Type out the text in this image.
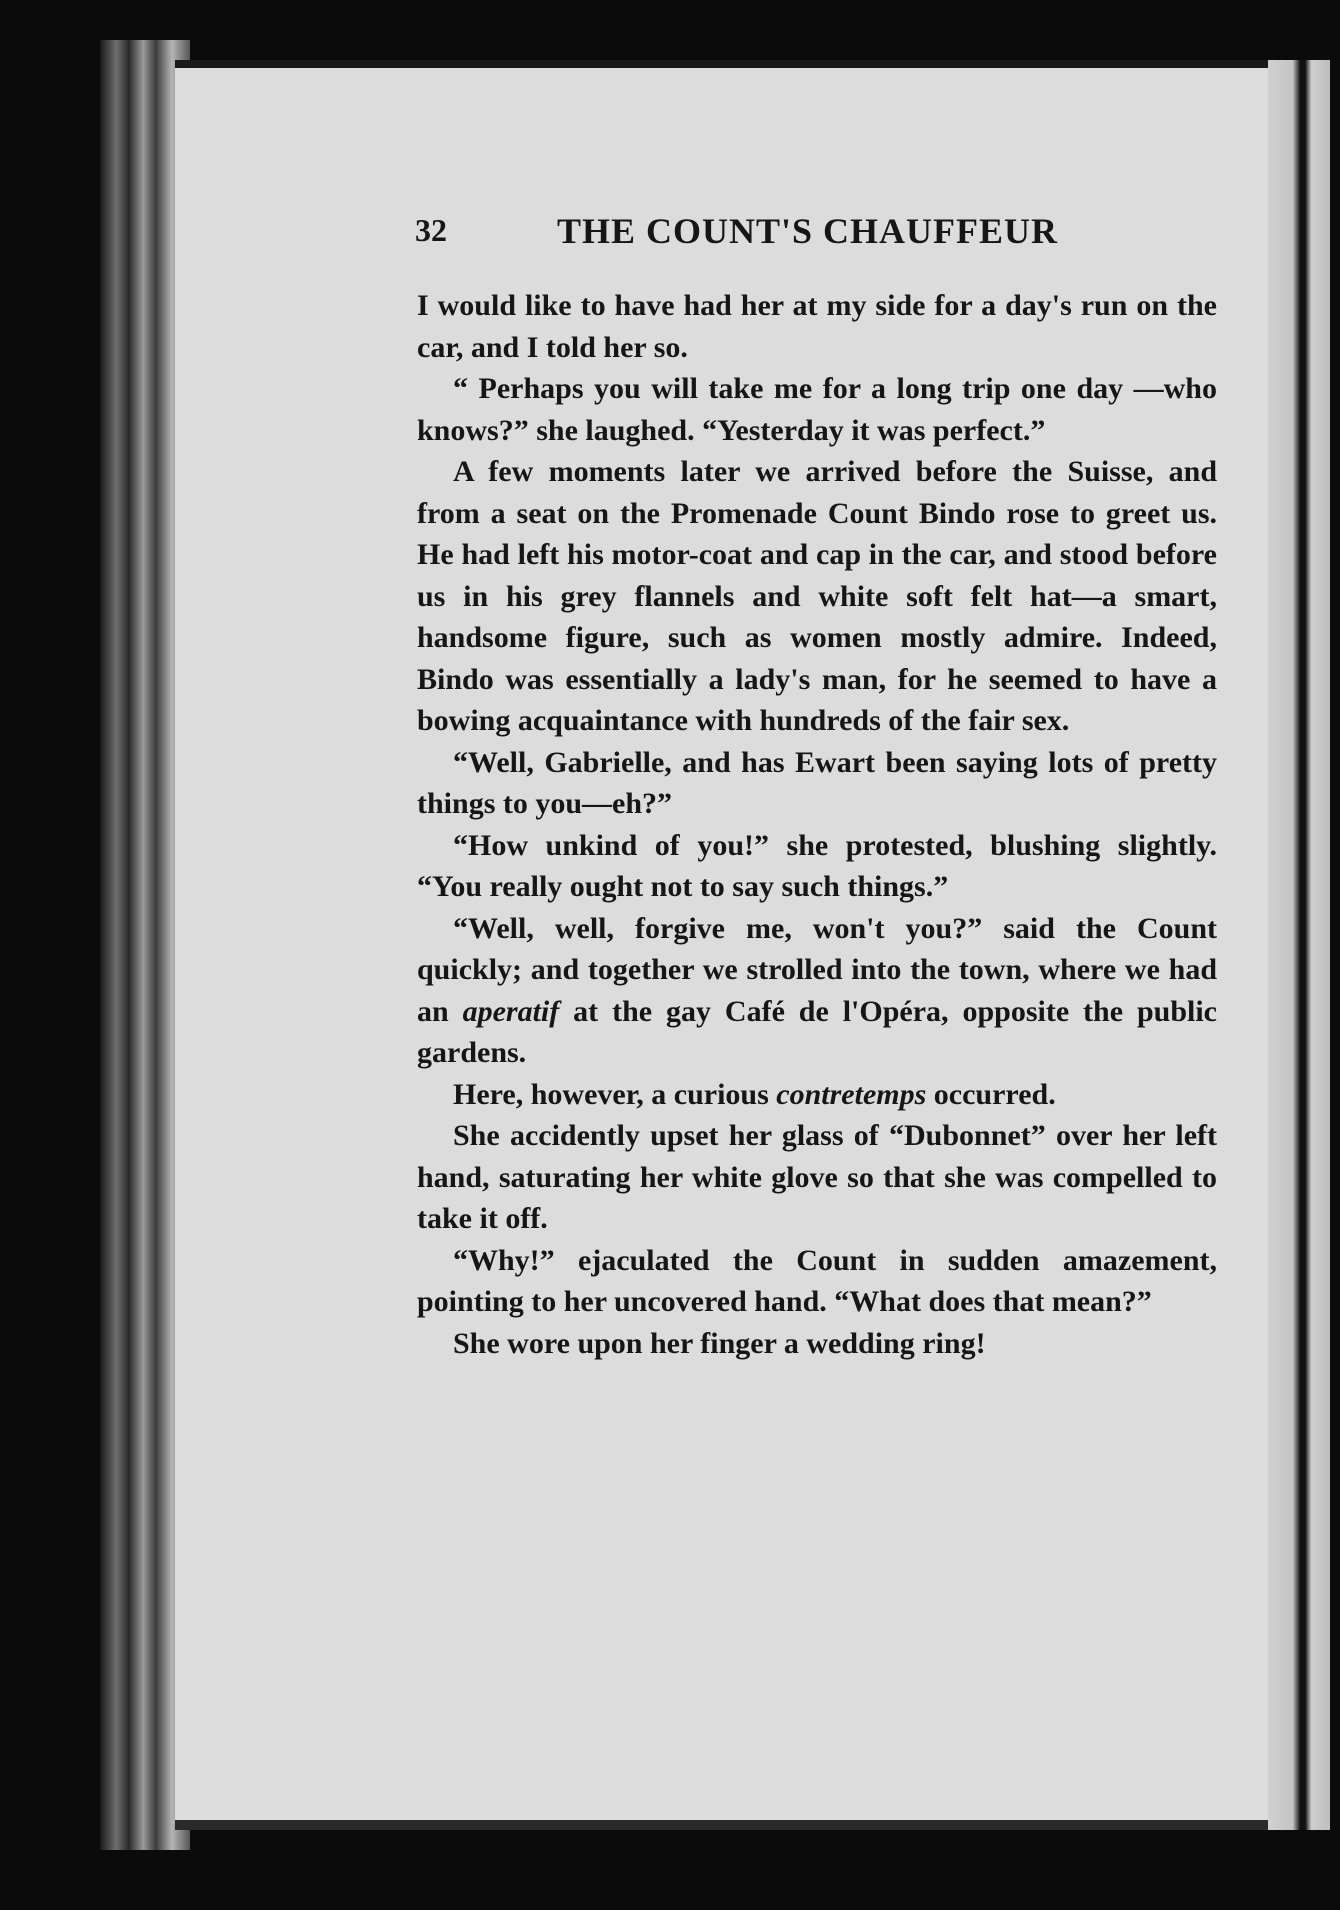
32	THE COUNT'S CHAUFFEUR

I would like to have had her at my side for a day's run on the car, and I told her so.

“ Perhaps you will take me for a long trip one day —who knows?” she laughed. “Yesterday it was perfect.”

A few moments later we arrived before the Suisse, and from a seat on the Promenade Count Bindo rose to greet us. He had left his motor-coat and cap in the car, and stood before us in his grey flannels and white soft felt hat—a smart, handsome figure, such as women mostly admire. Indeed, Bindo was essentially a lady's man, for he seemed to have a bowing acquaintance with hundreds of the fair sex.

“Well, Gabrielle, and has Ewart been saying lots of pretty things to you—eh?”

“How unkind of you!” she protested, blushing slightly. “You really ought not to say such things.”

“Well, well, forgive me, won't you?” said the Count quickly; and together we strolled into the town, where we had an aperatif at the gay Café de l'Opéra, opposite the public gardens.

Here, however, a curious contretemps occurred.

She accidently upset her glass of “Dubonnet” over her left hand, saturating her white glove so that she was compelled to take it off.

“Why!” ejaculated the Count in sudden amazement, pointing to her uncovered hand. “What does that mean?”

She wore upon her finger a wedding ring!
